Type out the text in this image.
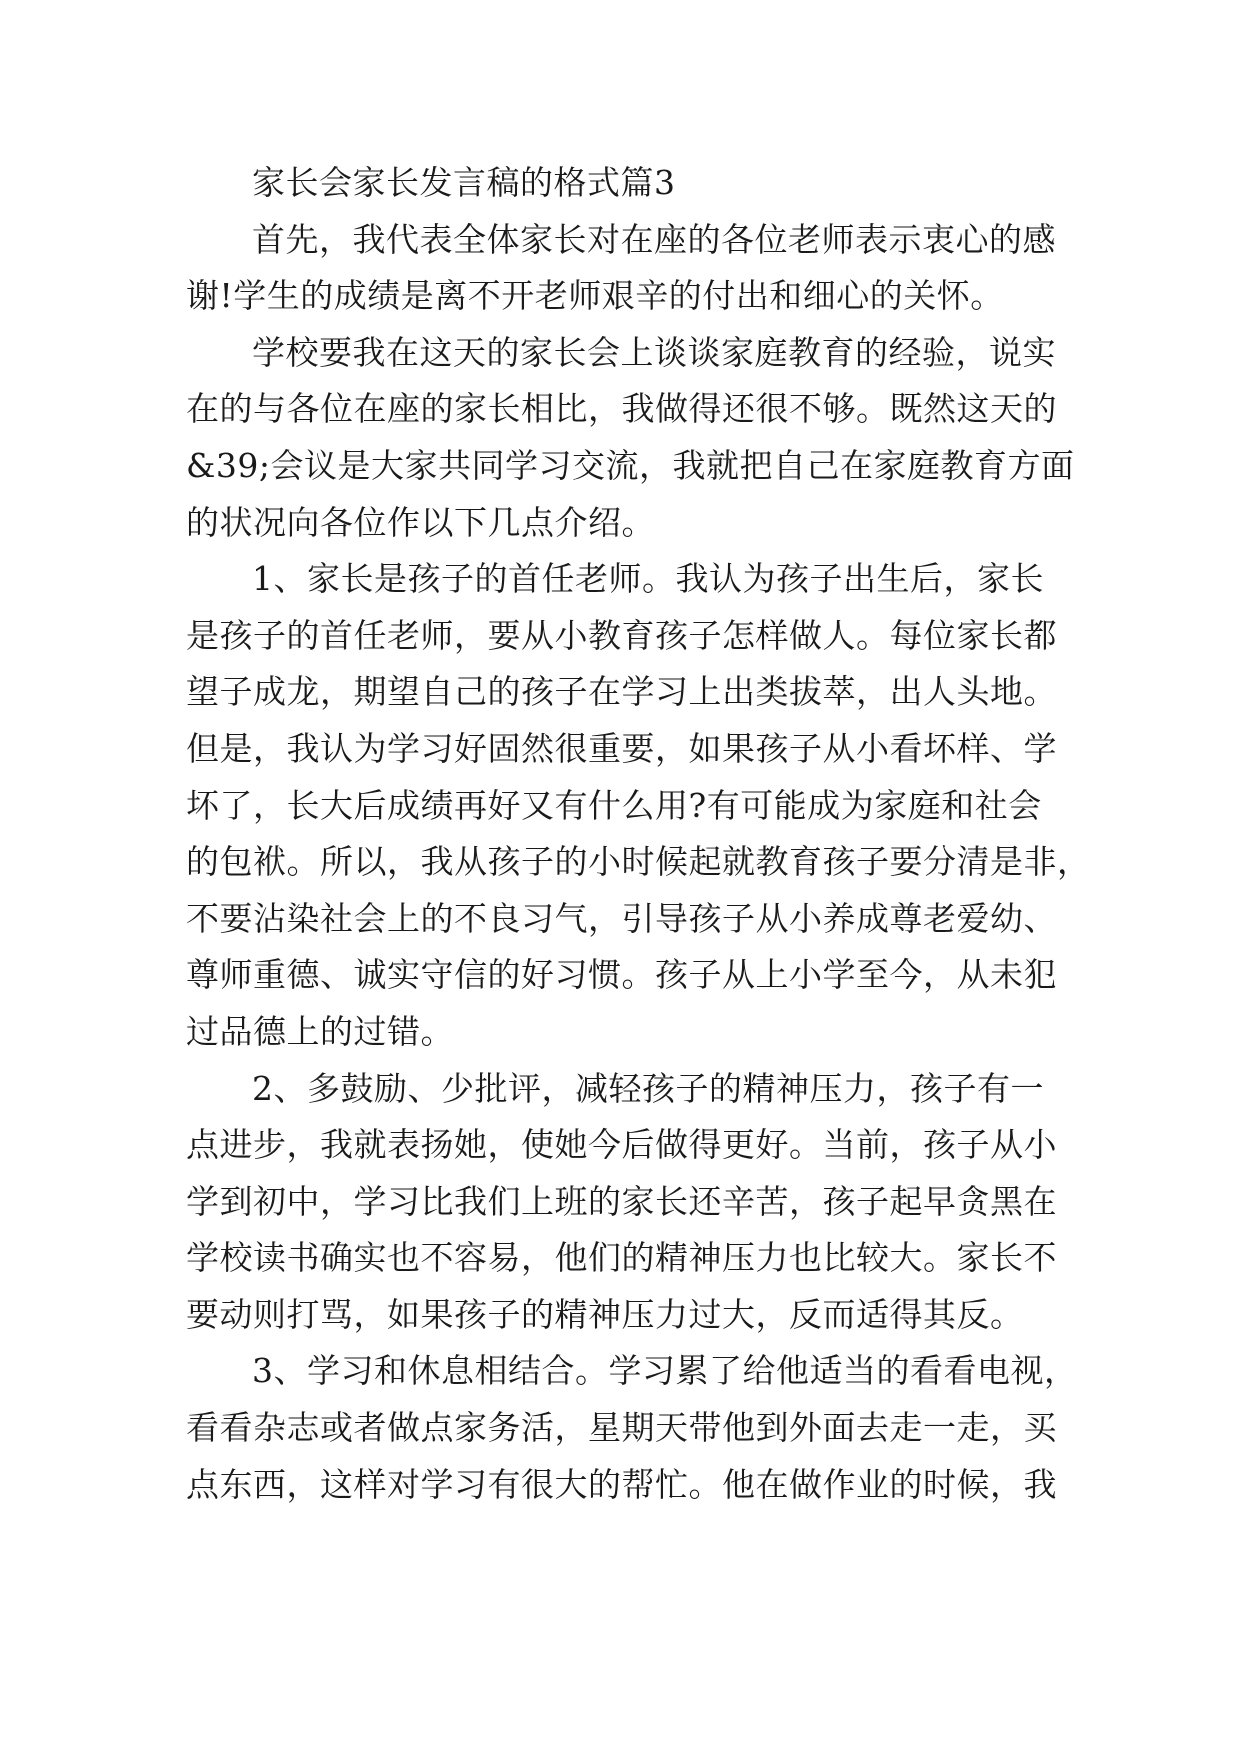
家长会家长发言稿的格式篇3
首先，我代表全体家长对在座的各位老师表示衷心的感
谢!学生的成绩是离不开老师艰辛的付出和细心的关怀。
学校要我在这天的家长会上谈谈家庭教育的经验，说实
在的与各位在座的家长相比，我做得还很不够。既然这天的
&39;会议是大家共同学习交流，我就把自己在家庭教育方面
的状况向各位作以下几点介绍。
1、家长是孩子的首任老师。我认为孩子出生后，家长
是孩子的首任老师，要从小教育孩子怎样做人。每位家长都
望子成龙，期望自己的孩子在学习上出类拔萃，出人头地。
但是，我认为学习好固然很重要，如果孩子从小看坏样、学
坏了，长大后成绩再好又有什么用?有可能成为家庭和社会
的包袱。所以，我从孩子的小时候起就教育孩子要分清是非，
不要沾染社会上的不良习气，引导孩子从小养成尊老爱幼、
尊师重德、诚实守信的好习惯。孩子从上小学至今，从未犯
过品德上的过错。
2、多鼓励、少批评，减轻孩子的精神压力，孩子有一
点进步，我就表扬她，使她今后做得更好。当前，孩子从小
学到初中，学习比我们上班的家长还辛苦，孩子起早贪黑在
学校读书确实也不容易，他们的精神压力也比较大。家长不
要动则打骂，如果孩子的精神压力过大，反而适得其反。
3、学习和休息相结合。学习累了给他适当的看看电视，
看看杂志或者做点家务活，星期天带他到外面去走一走，买
点东西，这样对学习有很大的帮忙。他在做作业的时候，我
